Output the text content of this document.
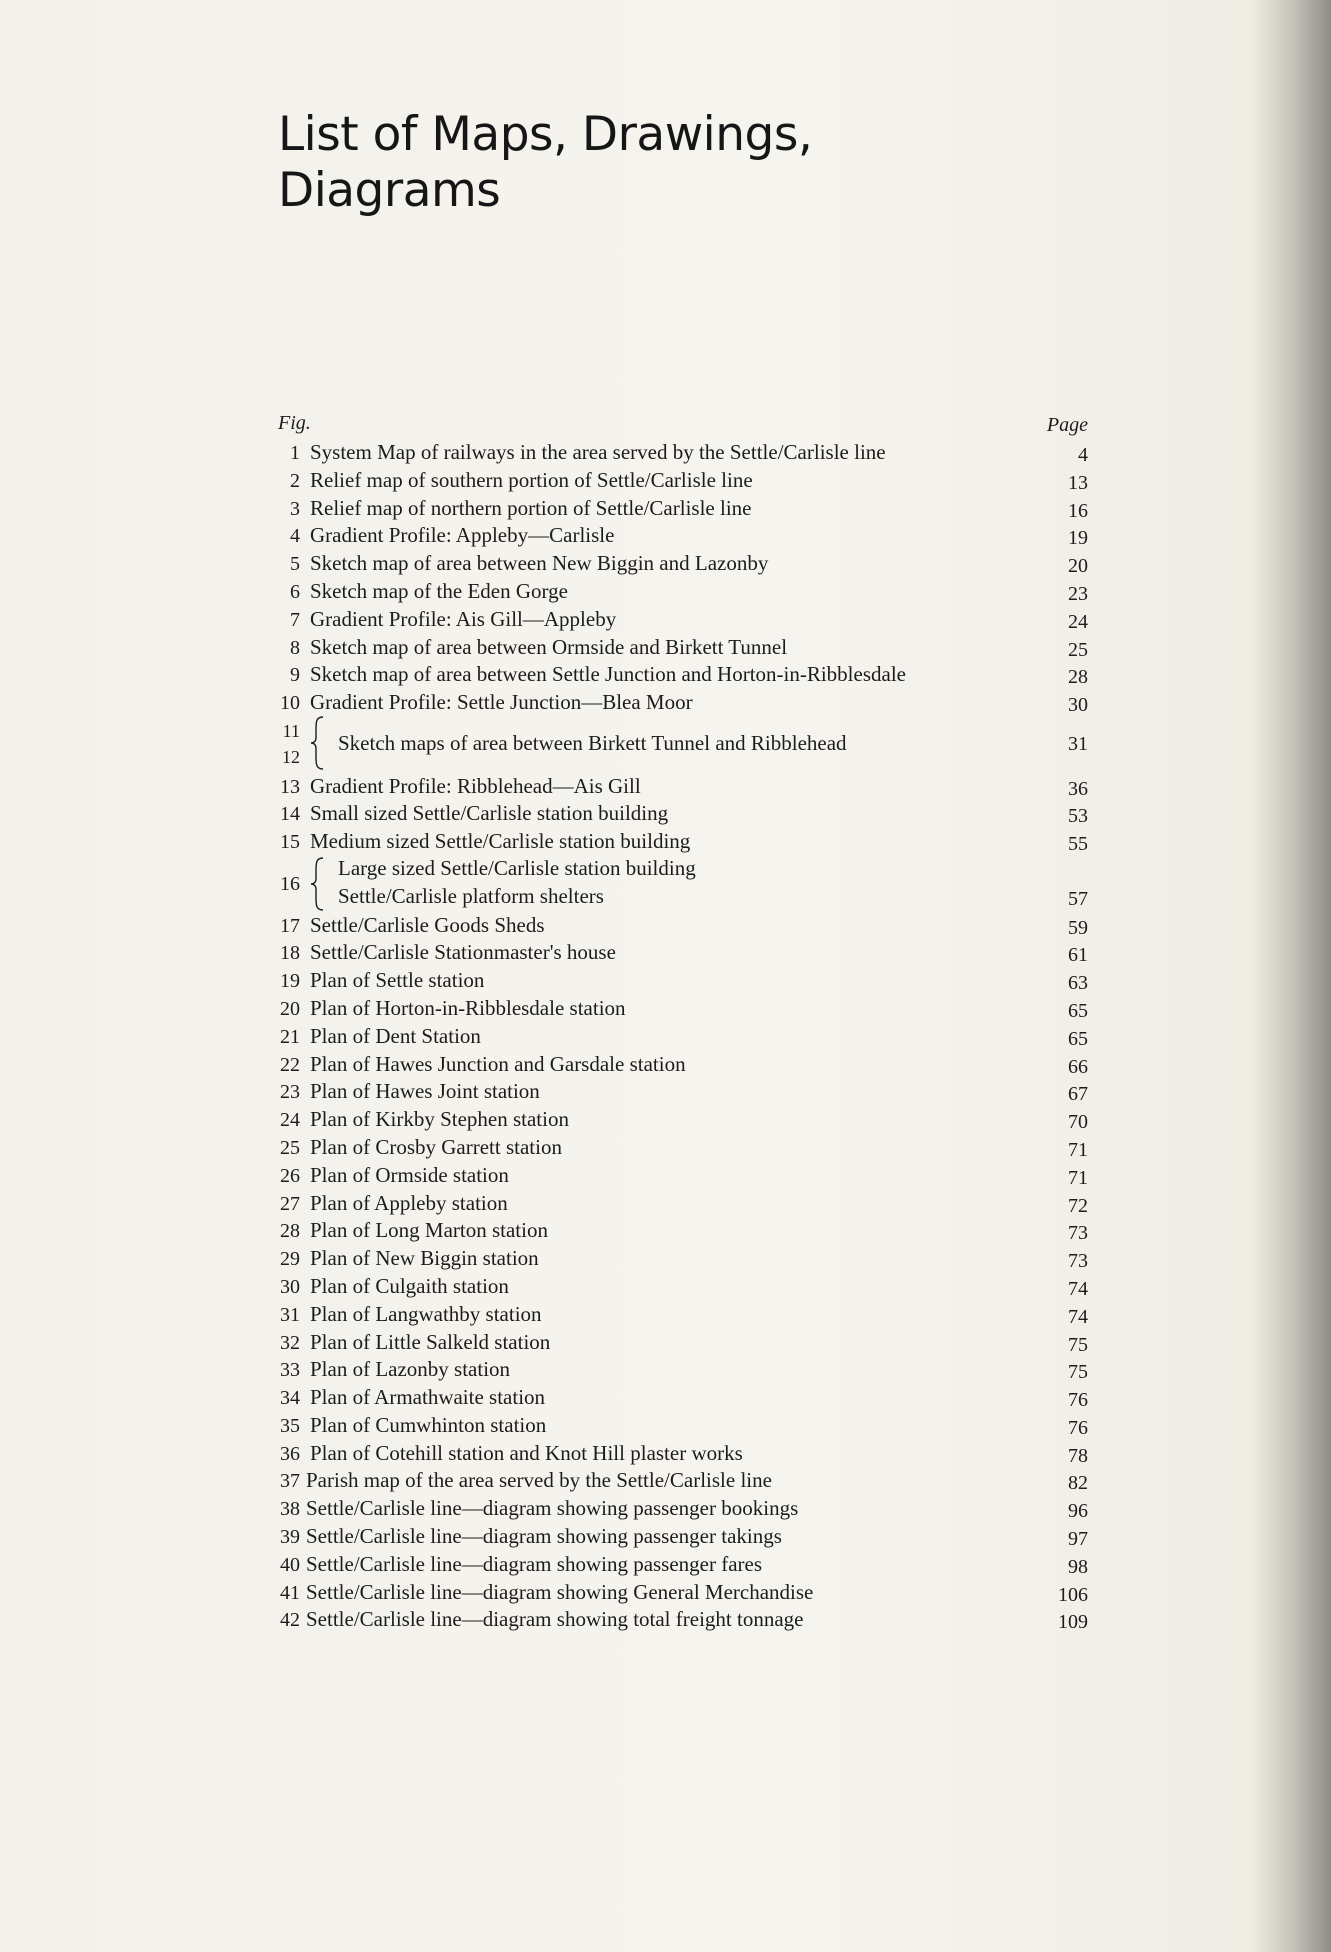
List of Maps, Drawings,
Diagrams
Fig.	Page
1 System Map of railways in the area served by the Settle/Carlisle line	4
2 Relief map of southern portion of Settle/Carlisle line	13
3 Relief map of northern portion of Settle/Carlisle line	16
4 Gradient Profile: Appleby—Carlisle	19
5 Sketch map of area between New Biggin and Lazonby	20
6 Sketch map of the Eden Gorge	23
7 Gradient Profile: Ais Gill—Appleby	24
8 Sketch map of area between Ormside and Birkett Tunnel	25
9 Sketch map of area between Settle Junction and Horton-in-Ribblesdale	28
10 Gradient Profile: Settle Junction—Blea Moor	30
11
12
Sketch maps of area between Birkett Tunnel and Ribblehead	31
13 Gradient Profile: Ribblehead—Ais Gill	36
14 Small sized Settle/Carlisle station building	53
15 Medium sized Settle/Carlisle station building	55
16
Large sized Settle/Carlisle station building
Settle/Carlisle platform shelters	57
17 Settle/Carlisle Goods Sheds	59
18 Settle/Carlisle Stationmaster's house	61
19 Plan of Settle station	63
20 Plan of Horton-in-Ribblesdale station	65
21 Plan of Dent Station	65
22 Plan of Hawes Junction and Garsdale station	66
23 Plan of Hawes Joint station	67
24 Plan of Kirkby Stephen station	70
25 Plan of Crosby Garrett station	71
26 Plan of Ormside station	71
27 Plan of Appleby station	72
28 Plan of Long Marton station	73
29 Plan of New Biggin station	73
30 Plan of Culgaith station	74
31 Plan of Langwathby station	74
32 Plan of Little Salkeld station	75
33 Plan of Lazonby station	75
34 Plan of Armathwaite station	76
35 Plan of Cumwhinton station	76
36 Plan of Cotehill station and Knot Hill plaster works	78
37 Parish map of the area served by the Settle/Carlisle line	82
38 Settle/Carlisle line—diagram showing passenger bookings	96
39 Settle/Carlisle line—diagram showing passenger takings	97
40 Settle/Carlisle line—diagram showing passenger fares	98
41 Settle/Carlisle line—diagram showing General Merchandise	106
42 Settle/Carlisle line—diagram showing total freight tonnage	109
